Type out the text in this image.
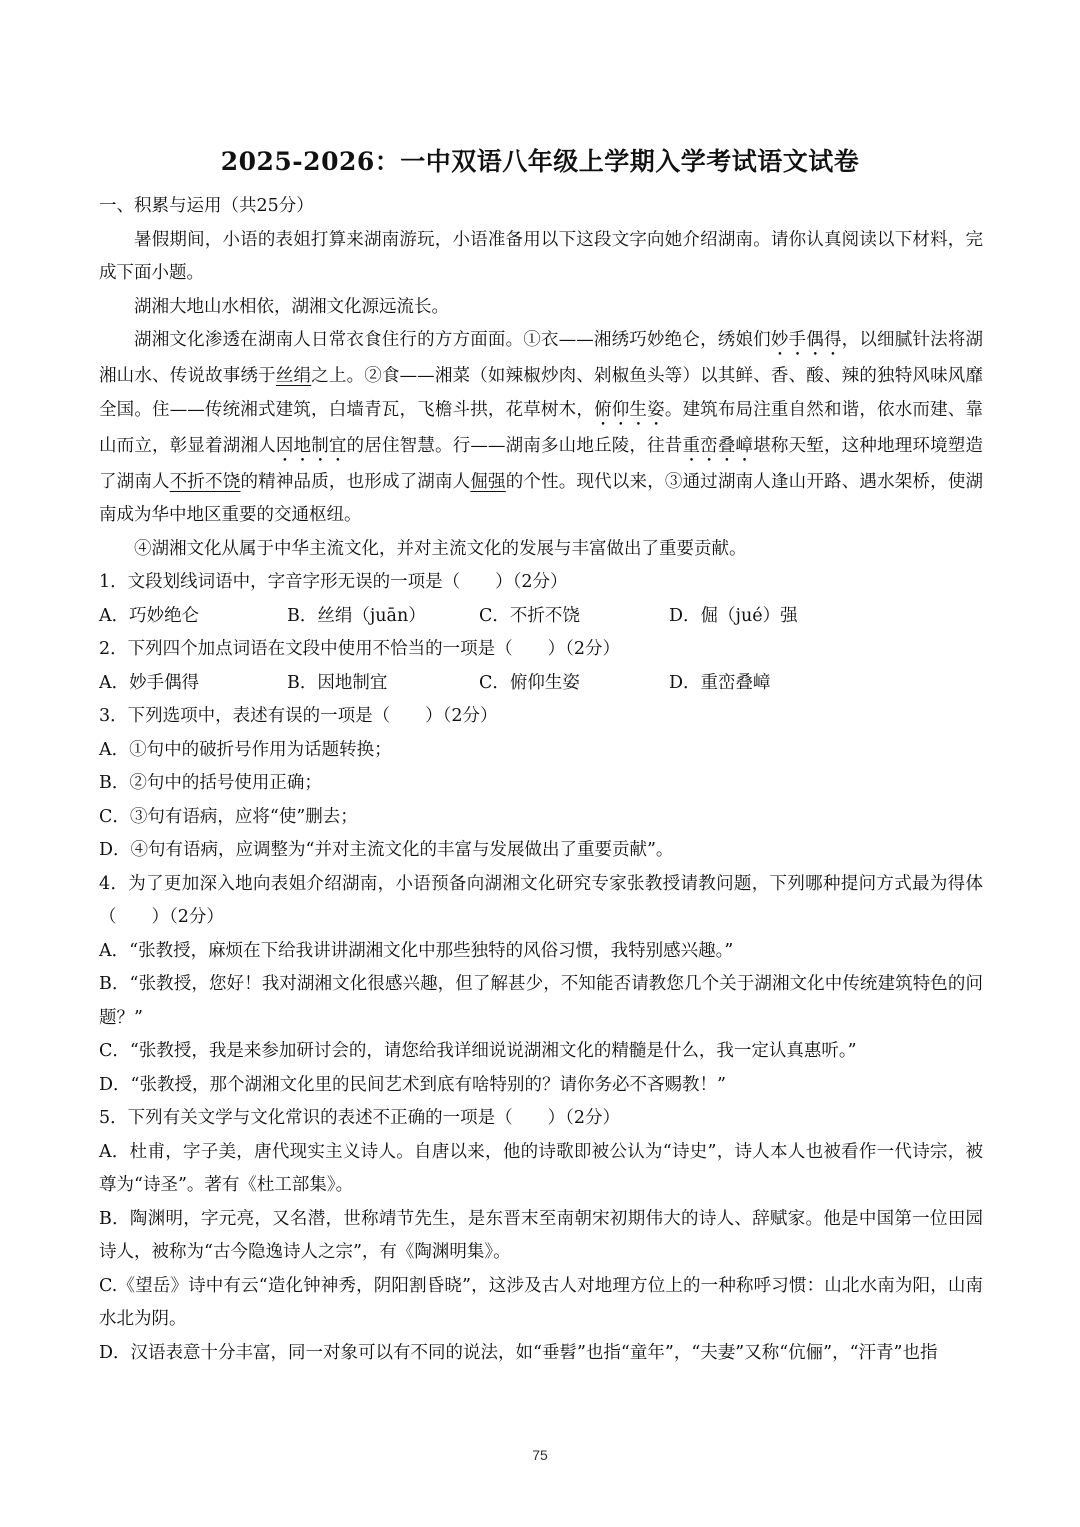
2025-2026：一中双语八年级上学期入学考试语文试卷

一、积累与运用（共25分）

暑假期间，小语的表姐打算来湖南游玩，小语准备用以下这段文字向她介绍湖南。请你认真阅读以下材料，完成下面小题。

湖湘大地山水相依，湖湘文化源远流长。

湖湘文化渗透在湖南人日常衣食住行的方方面面。①衣——湘绣巧妙绝仑，绣娘们妙手偶得，以细腻针法将湖湘山水、传说故事绣于丝绢之上。②食——湘菜（如辣椒炒肉、剁椒鱼头等）以其鲜、香、酸、辣的独特风味风靡全国。住——传统湘式建筑，白墙青瓦，飞檐斗拱，花草树木，俯仰生姿。建筑布局注重自然和谐，依水而建、靠山而立，彰显着湖湘人因地制宜的居住智慧。行——湖南多山地丘陵，往昔重峦叠嶂堪称天堑，这种地理环境塑造了湖南人不折不饶的精神品质，也形成了湖南人倔强的个性。现代以来，③通过湖南人逢山开路、遇水架桥，使湖南成为华中地区重要的交通枢纽。

④湖湘文化从属于中华主流文化，并对主流文化的发展与丰富做出了重要贡献。

1．文段划线词语中，字音字形无误的一项是（　　）（2分）

A．巧妙绝仑	B．丝绢（juān）	C．不折不饶	D．倔（jué）强

2．下列四个加点词语在文段中使用不恰当的一项是（　　）（2分）

A．妙手偶得	B．因地制宜	C．俯仰生姿	D．重峦叠嶂

3．下列选项中，表述有误的一项是（　　）（2分）

A．①句中的破折号作用为话题转换；

B．②句中的括号使用正确；

C．③句有语病，应将“使”删去；

D．④句有语病，应调整为“并对主流文化的丰富与发展做出了重要贡献”。

4．为了更加深入地向表姐介绍湖南，小语预备向湖湘文化研究专家张教授请教问题，下列哪种提问方式最为得体（　　）（2分）

A．“张教授，麻烦在下给我讲讲湖湘文化中那些独特的风俗习惯，我特别感兴趣。”

B．“张教授，您好！我对湖湘文化很感兴趣，但了解甚少，不知能否请教您几个关于湖湘文化中传统建筑特色的问题？”

C．“张教授，我是来参加研讨会的，请您给我详细说说湖湘文化的精髓是什么，我一定认真惠听。”

D．“张教授，那个湖湘文化里的民间艺术到底有啥特别的？请你务必不吝赐教！”

5．下列有关文学与文化常识的表述不正确的一项是（　　）（2分）

A．杜甫，字子美，唐代现实主义诗人。自唐以来，他的诗歌即被公认为“诗史”，诗人本人也被看作一代诗宗，被尊为“诗圣”。著有《杜工部集》。

B．陶渊明，字元亮，又名潜，世称靖节先生，是东晋末至南朝宋初期伟大的诗人、辞赋家。他是中国第一位田园诗人，被称为“古今隐逸诗人之宗”，有《陶渊明集》。

C.《望岳》诗中有云“造化钟神秀，阴阳割昏晓”，这涉及古人对地理方位上的一种称呼习惯：山北水南为阳，山南水北为阴。

D．汉语表意十分丰富，同一对象可以有不同的说法，如“垂髫”也指“童年”，“夫妻”又称“伉俪”，“汗青”也指

75
